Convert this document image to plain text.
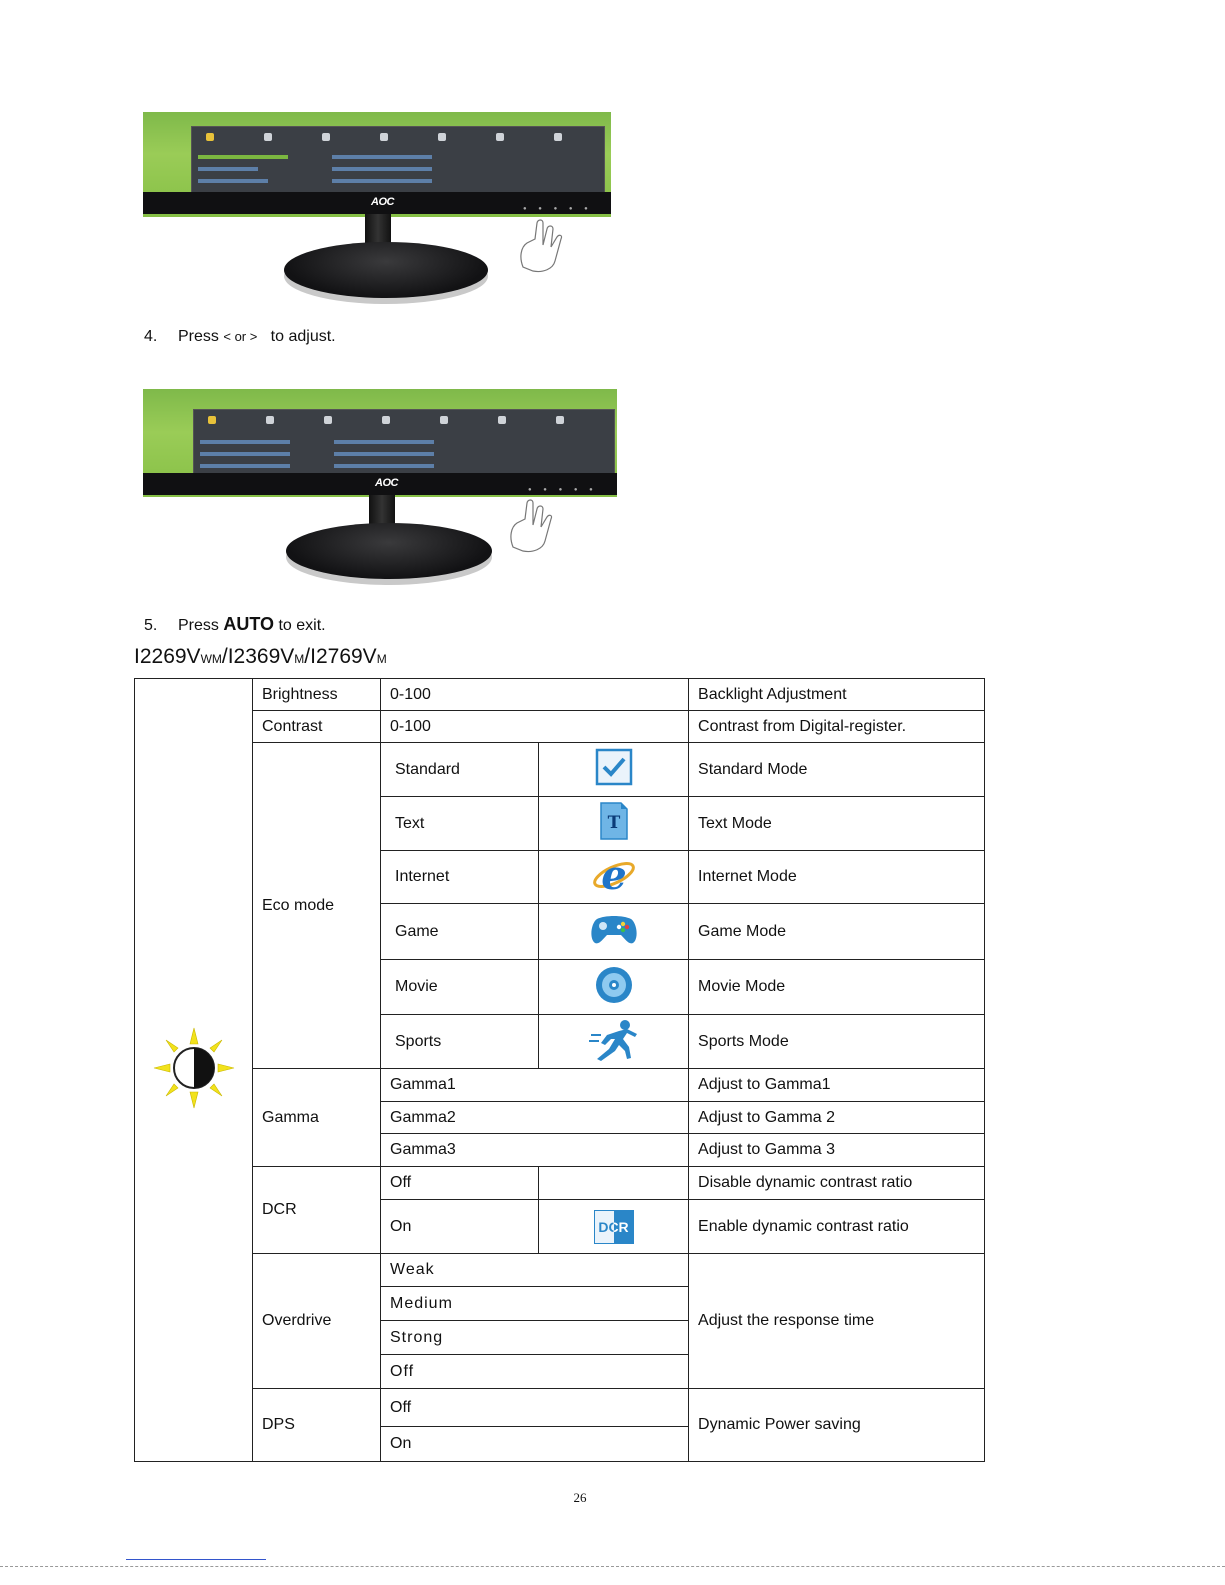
AOC
● ● ● ● ●
4. Press < or > to adjust.
AOC
● ● ● ● ●
5. Press AUTO to exit.
I2269VWM/I2369VM/I2769VM
	Brightness	0-100		Backlight Adjustment
	Contrast	0-100		Contrast from Digital-register.
	Eco mode	Standard		Standard Mode
		Text	T	Text Mode
		Internet	e	Internet Mode
		Game		Game Mode
		Movie		Movie Mode
		Sports		Sports Mode
	Gamma	Gamma1		Adjust to Gamma1
		Gamma2		Adjust to Gamma 2
		Gamma3		Adjust to Gamma 3
	DCR	Off		Disable dynamic contrast ratio
		On	DCR	Enable dynamic contrast ratio
	Overdrive	Weak		Adjust the response time
		Medium		
		Strong		
		Off		
	DPS	Off		Dynamic Power saving
		On		
26
